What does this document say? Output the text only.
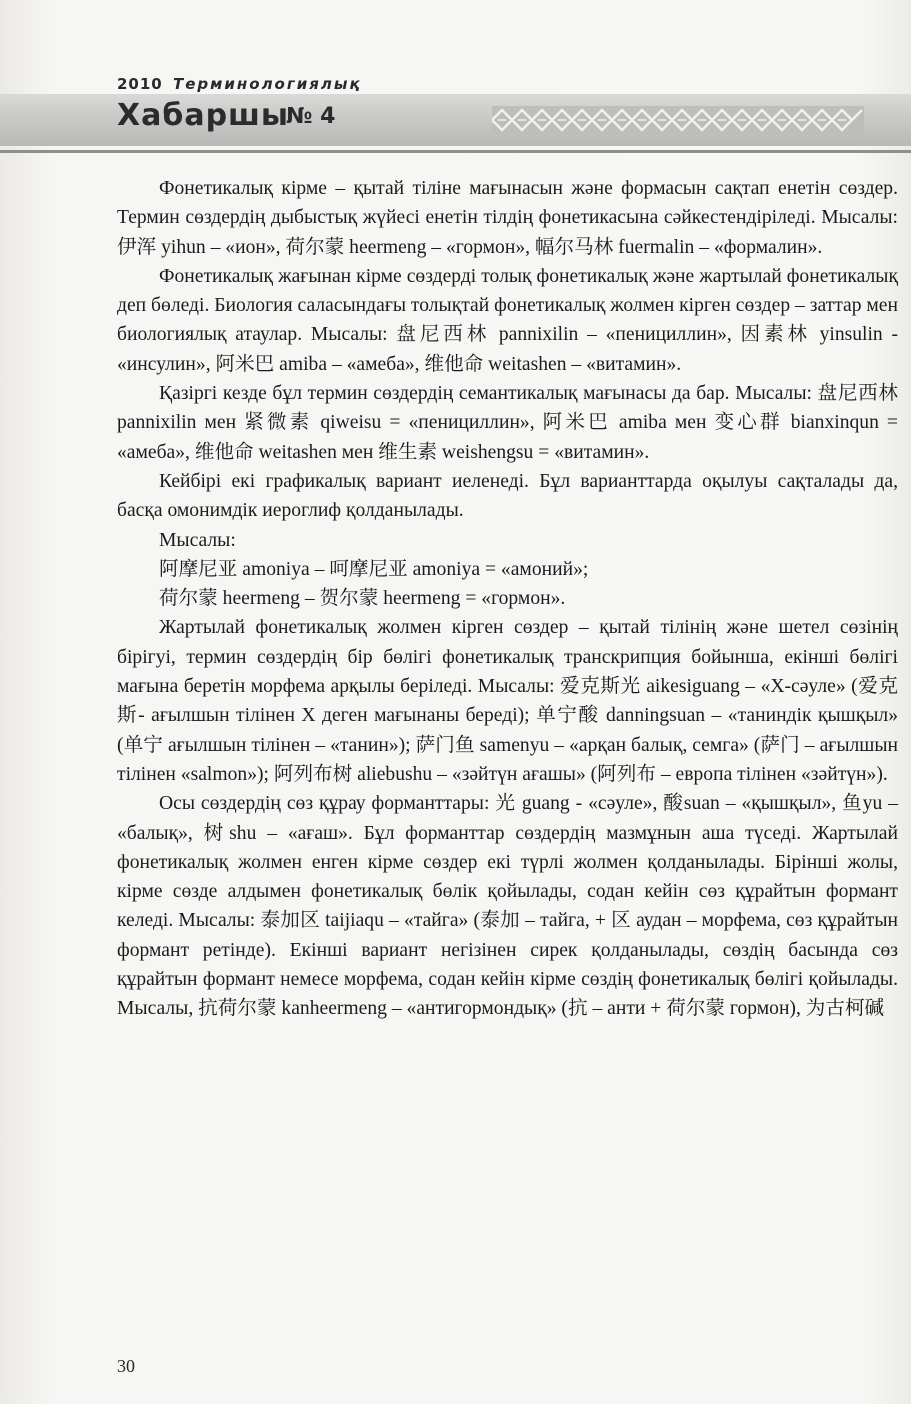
2010 Терминологиялық
Хабаршы
№ 4

Фонетикалық кірме – қытай тіліне мағынасын және формасын сақтап енетін сөздер. Термин сөздердің дыбыстық жүйесі енетін тілдің фонетикасына сәйкестендіріледі. Мысалы: 伊浑 yihun – «ион», 荷尔蒙 heermeng – «гормон», 幅尔马林 fuermalin – «формалин».

Фонетикалық жағынан кірме сөздерді толық фонетикалық және жартылай фонетикалық деп бөледі. Биология саласындағы толықтай фонетикалық жолмен кірген сөздер – заттар мен биологиялық атаулар. Мысалы: 盘尼西林 pannixilin – «пенициллин», 因素林 yinsulin - «инсулин», 阿米巴 amiba – «амеба», 维他命 weitashen – «витамин».

Қазіргі кезде бұл термин сөздердің семантикалық мағынасы да бар. Мысалы: 盘尼西林 pannixilin мен 紧微素 qiweisu = «пенициллин», 阿米巴 amiba мен 变心群 bianxinqun = «амеба», 维他命 weitashen мен 维生素 weishengsu = «витамин».

Кейбірі екі графикалық вариант иеленеді. Бұл варианттарда оқылуы сақталады да, басқа омонимдік иероглиф қолданылады.

Мысалы:

阿摩尼亚 amoniya – 呵摩尼亚 amoniya = «амоний»;

荷尔蒙 heermeng – 贺尔蒙 heermeng = «гормон».

Жартылай фонетикалық жолмен кірген сөздер – қытай тілінің және шетел сөзінің бірігуі, термин сөздердің бір бөлігі фонетикалық транскрипция бойынша, екінші бөлігі мағына беретін морфема арқылы беріледі. Мысалы: 爱克斯光 aikesiguang – «Х-сәуле» (爱克斯- ағылшын тілінен Х деген мағынаны береді); 单宁酸 danningsuan – «таниндік қышқыл» (单宁 ағылшын тілінен – «танин»); 萨门鱼 samenyu – «арқан балық, семга» (萨门 – ағылшын тілінен «salmon»); 阿列布树 aliebushu – «зәйтүн ағашы» (阿列布 – европа тілінен «зәйтүн»).

Осы сөздердің сөз құрау форманттары: 光 guang - «сәуле», 酸suan – «қышқыл», 鱼yu – «балық», 树shu – «ағаш». Бұл форманттар сөздердің мазмұнын аша түседі. Жартылай фонетикалық жолмен енген кірме сөздер екі түрлі жолмен қолданылады. Бірінші жолы, кірме сөзде алдымен фонетикалық бөлік қойылады, содан кейін сөз құрайтын формант келеді. Мысалы: 泰加区 taijiaqu – «тайга» (泰加 – тайга, + 区 аудан – морфема, сөз құрайтын формант ретінде). Екінші вариант негізінен сирек қолданылады, сөздің басында сөз құрайтын формант немесе морфема, содан кейін кірме сөздің фонетикалық бөлігі қойылады. Мысалы, 抗荷尔蒙 kanheermeng – «антигормондық» (抗 – анти + 荷尔蒙 гормон), 为古柯碱

30
